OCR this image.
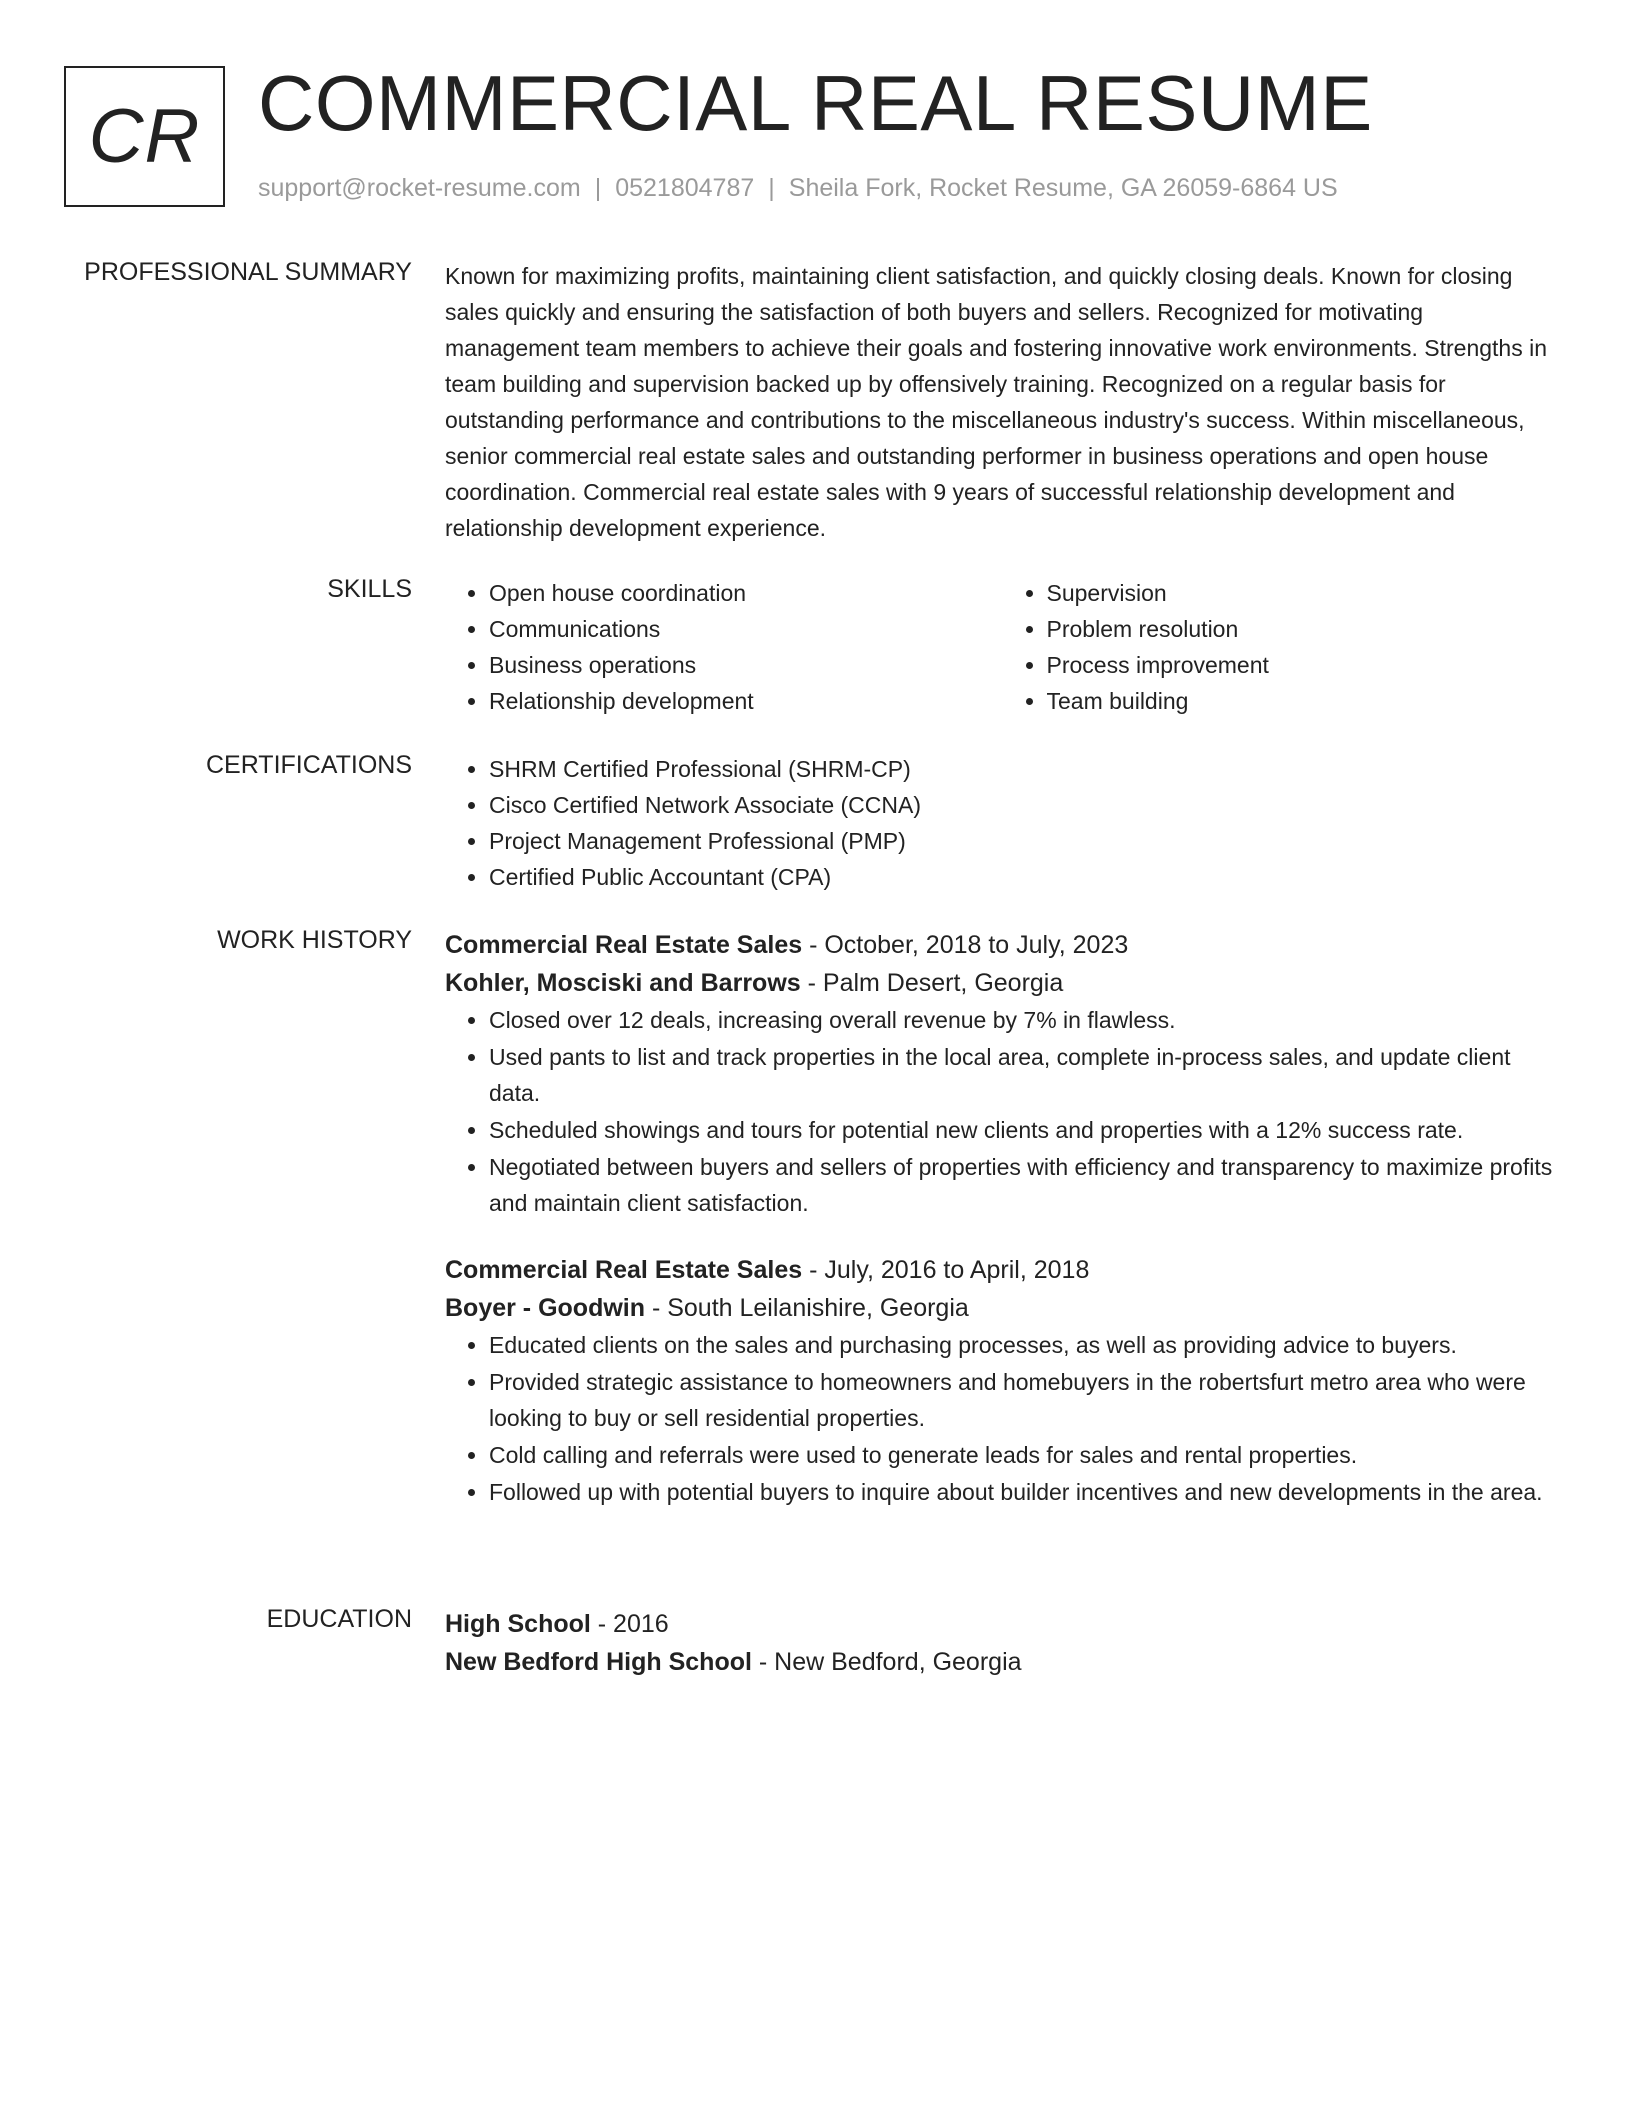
CR COMMERCIAL REAL RESUME
support@rocket-resume.com | 0521804787 | Sheila Fork, Rocket Resume, GA 26059-6864 US
PROFESSIONAL SUMMARY Known for maximizing profits, maintaining client satisfaction, and quickly closing deals. Known for closing sales quickly and ensuring the satisfaction of both buyers and sellers. Recognized for motivating management team members to achieve their goals and fostering innovative work environments. Strengths in team building and supervision backed up by offensively training. Recognized on a regular basis for outstanding performance and contributions to the miscellaneous industry's success. Within miscellaneous, senior commercial real estate sales and outstanding performer in business operations and open house coordination. Commercial real estate sales with 9 years of successful relationship development and relationship development experience.

SKILLS	• Open house coordination
• Communications
• Business operations
• Relationship development
• Supervision
• Problem resolution
• Process improvement
• Team building
CERTIFICATIONS	• SHRM Certified Professional (SHRM-CP)
• Cisco Certified Network Associate (CCNA)
• Project Management Professional (PMP)
• Certified Public Accountant (CPA)
WORK HISTORY Commercial Real Estate Sales - October, 2018 to July, 2023
Kohler, Mosciski and Barrows - Palm Desert, Georgia
• Closed over 12 deals, increasing overall revenue by 7% in flawless.
• Used pants to list and track properties in the local area, complete in-process sales, and update client data.
• Scheduled showings and tours for potential new clients and properties with a 12% success rate.
• Negotiated between buyers and sellers of properties with efficiency and transparency to maximize profits and maintain client satisfaction.
Commercial Real Estate Sales - July, 2016 to April, 2018
Boyer - Goodwin - South Leilanishire, Georgia
• Educated clients on the sales and purchasing processes, as well as providing advice to buyers.
• Provided strategic assistance to homeowners and homebuyers in the robertsfurt metro area who were looking to buy or sell residential properties.
• Cold calling and referrals were used to generate leads for sales and rental properties.
• Followed up with potential buyers to inquire about builder incentives and new developments in the area.
EDUCATION High School - 2016
New Bedford High School - New Bedford, Georgia
